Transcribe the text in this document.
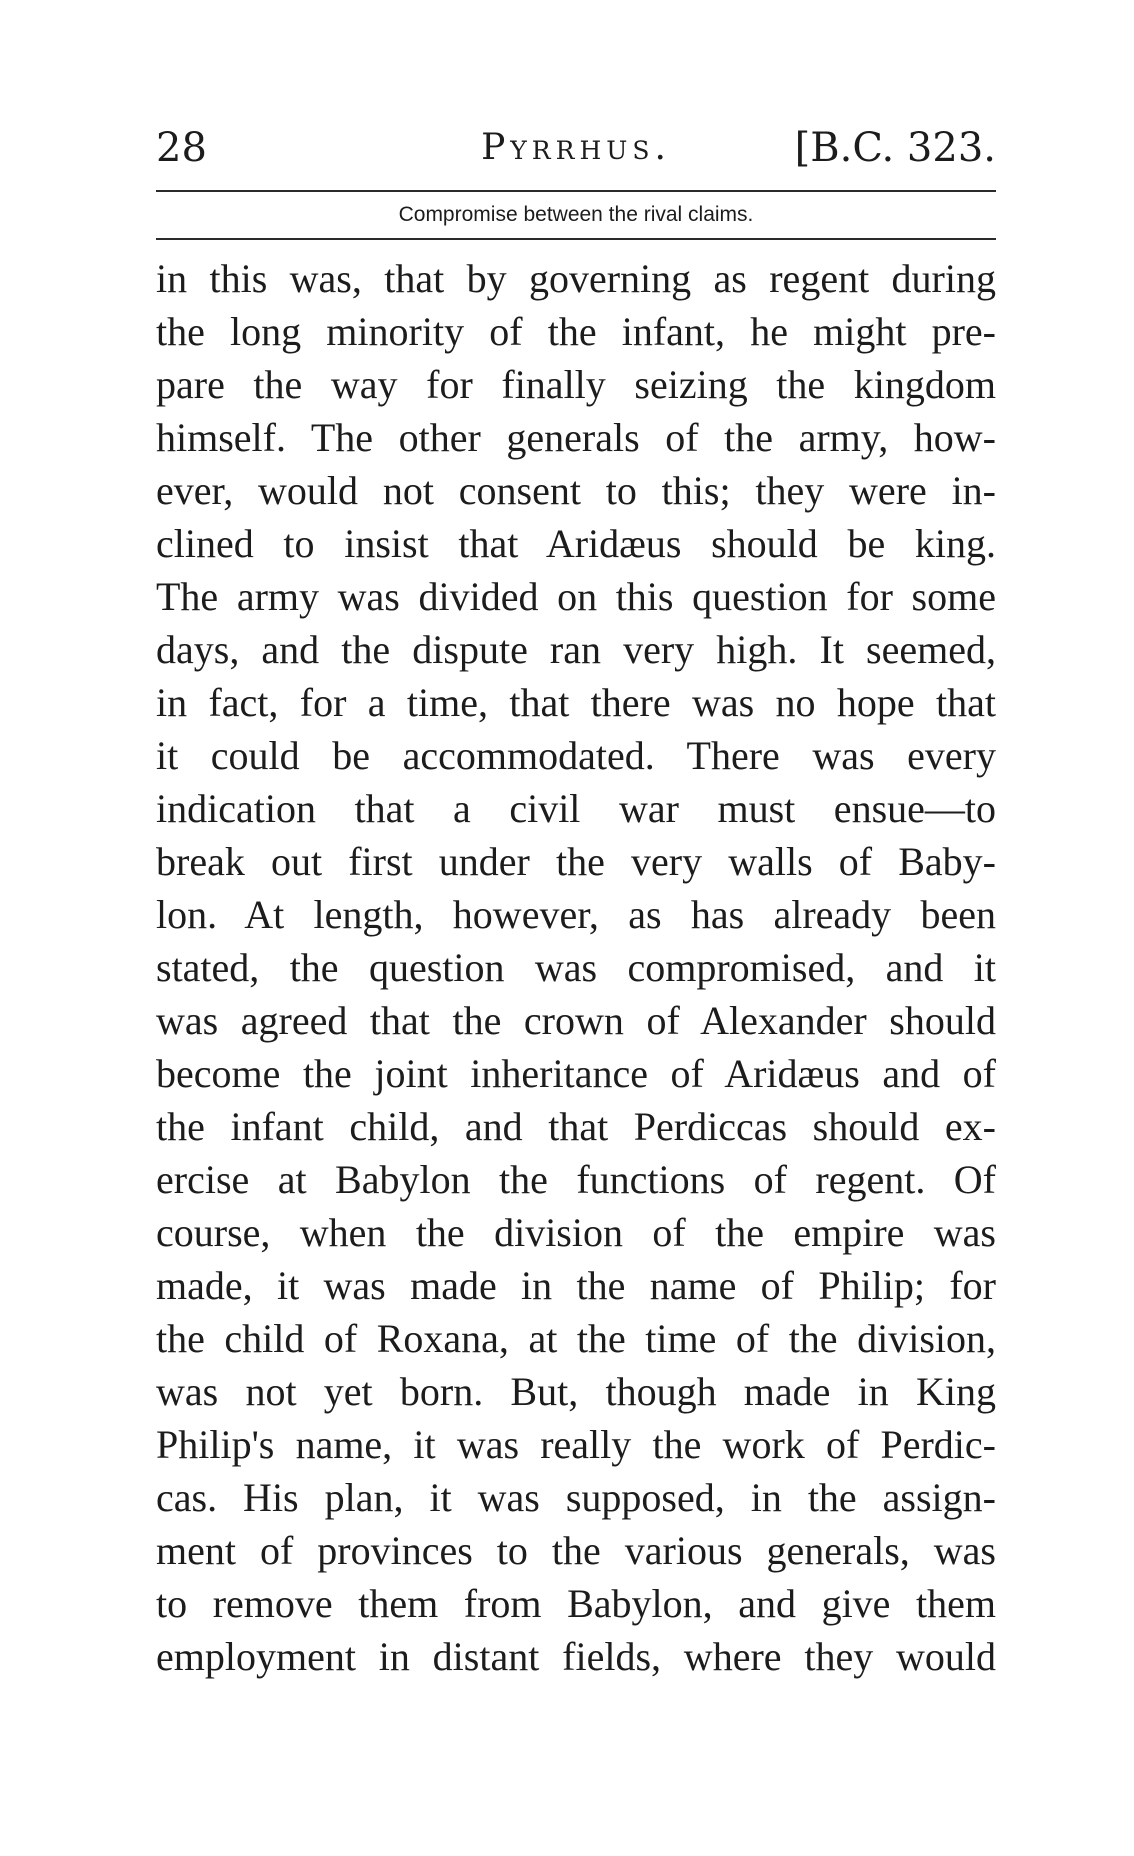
28	Pyrrhus.	[B.C. 323.
Compromise between the rival claims.
in this was, that by governing as regent during
the long minority of the infant, he might pre-
pare the way for finally seizing the kingdom
himself. The other generals of the army, how-
ever, would not consent to this; they were in-
clined to insist that Aridæus should be king.
The army was divided on this question for some
days, and the dispute ran very high. It seemed,
in fact, for a time, that there was no hope that
it could be accommodated. There was every
indication that a civil war must ensue—to
break out first under the very walls of Baby-
lon. At length, however, as has already been
stated, the question was compromised, and it
was agreed that the crown of Alexander should
become the joint inheritance of Aridæus and of
the infant child, and that Perdiccas should ex-
ercise at Babylon the functions of regent. Of
course, when the division of the empire was
made, it was made in the name of Philip; for
the child of Roxana, at the time of the division,
was not yet born. But, though made in King
Philip's name, it was really the work of Perdic-
cas. His plan, it was supposed, in the assign-
ment of provinces to the various generals, was
to remove them from Babylon, and give them
employment in distant fields, where they would
